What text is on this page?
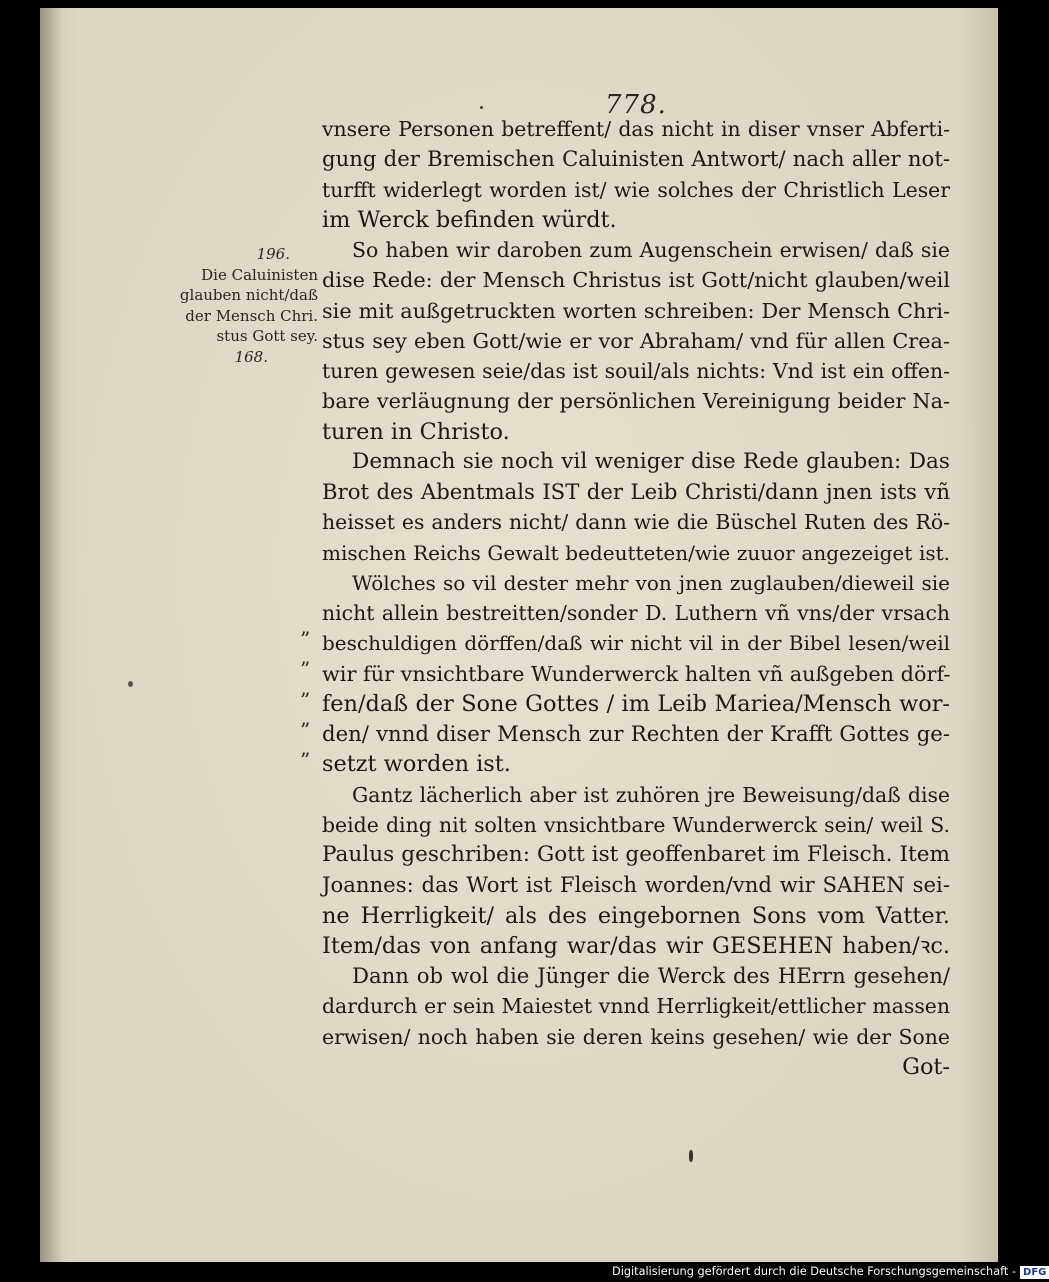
778.
196.
Die Caluinisten
glauben nicht/daß
der Mensch Chri.
stus Gott sey.
168.
”
”
”
”
”
vnsere Personen betreffent/ das nicht in diser vnser Abferti-
gung der Bremischen Caluinisten Antwort/ nach aller not-
turfft widerlegt worden ist/ wie solches der Christlich Leser
im Werck befinden würdt.
So haben wir daroben zum Augenschein erwisen/ daß sie
dise Rede: der Mensch Christus ist Gott/nicht glauben/weil
sie mit außgetruckten worten schreiben: Der Mensch Chri-
stus sey eben Gott/wie er vor Abraham/ vnd für allen Crea-
turen gewesen seie/das ist souil/als nichts: Vnd ist ein offen-
bare verläugnung der persönlichen Vereinigung beider Na-
turen in Christo.
Demnach sie noch vil weniger dise Rede glauben: Das
Brot des Abentmals IST der Leib Christi/dann jnen ists vñ
heisset es anders nicht/ dann wie die Büschel Ruten des Rö-
mischen Reichs Gewalt bedeutteten/wie zuuor angezeiget ist.
Wölches so vil dester mehr von jnen zuglauben/dieweil sie
nicht allein bestreitten/sonder D. Luthern vñ vns/der vrsach
beschuldigen dörffen/daß wir nicht vil in der Bibel lesen/weil
wir für vnsichtbare Wunderwerck halten vñ außgeben dörf-
fen/daß der Sone Gottes / im Leib Mariea/Mensch wor-
den/ vnnd diser Mensch zur Rechten der Krafft Gottes ge-
setzt worden ist.
Gantz lächerlich aber ist zuhören jre Beweisung/daß dise
beide ding nit solten vnsichtbare Wunderwerck sein/ weil S.
Paulus geschriben: Gott ist geoffenbaret im Fleisch. Item
Joannes: das Wort ist Fleisch worden/vnd wir SAHEN sei-
ne Herrligkeit/ als des eingebornen Sons vom Vatter.
Item/das von anfang war/das wir GESEHEN haben/ꝛc.
Dann ob wol die Jünger die Werck des HErrn gesehen/
dardurch er sein Maiestet vnnd Herrligkeit/ettlicher massen
erwisen/ noch haben sie deren keins gesehen/ wie der Sone
Got-
Digitalisierung gefördert durch die Deutsche Forschungsgemeinschaft - DFG
